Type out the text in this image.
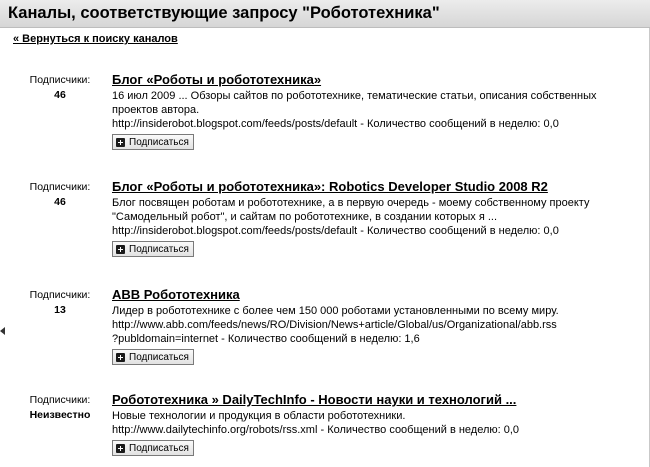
Каналы, соответствующие запросу "Робототехника"
« Вернуться к поиску каналов
Подписчики:
46
Блог «Роботы и робототехника»
16 июл 2009 ... Обзоры сайтов по робототехнике, тематические статьи, описания собственных проектов автора.
http://insiderobot.blogspot.com/feeds/posts/default - Количество сообщений в неделю: 0,0
Подписаться
Подписчики:
46
Блог «Роботы и робототехника»: Robotics Developer Studio 2008 R2
Блог посвящен роботам и робототехнике, а в первую очередь - моему собственному проекту "Самодельный робот", и сайтам по робототехнике, в создании которых я ...
http://insiderobot.blogspot.com/feeds/posts/default - Количество сообщений в неделю: 0,0
Подписаться
Подписчики:
13
ABB Робототехника
Лидер в робототехнике с более чем 150 000 роботами установленными по всему миру.
http://www.abb.com/feeds/news/RO/Division/News+article/Global/us/Organizational/abb.rss ?publdomain=internet - Количество сообщений в неделю: 1,6
Подписаться
Подписчики:
Неизвестно
Робототехника » DailyTechInfo - Новости науки и технологий ...
Новые технологии и продукция в области робототехники.
http://www.dailytechinfo.org/robots/rss.xml - Количество сообщений в неделю: 0,0
Подписаться
